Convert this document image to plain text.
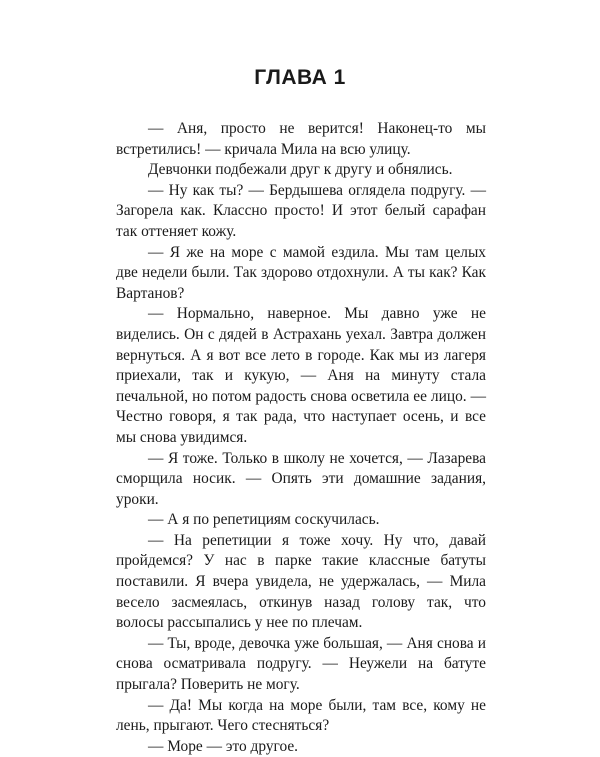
ГЛАВА 1

— Аня, просто не верится! Наконец-то мы встретились! — кричала Мила на всю улицу.

Девчонки подбежали друг к другу и обнялись.

— Ну как ты? — Бердышева оглядела подругу. — Загорела как. Классно просто! И этот белый сарафан так оттеняет кожу.

— Я же на море с мамой ездила. Мы там целых две недели были. Так здорово отдохнули. А ты как? Как Вартанов?

— Нормально, наверное. Мы давно уже не виделись. Он с дядей в Астрахань уехал. Завтра должен вернуться. А я вот все лето в городе. Как мы из лагеря приехали, так и кукую, — Аня на минуту стала печальной, но потом радость снова осветила ее лицо. — Честно говоря, я так рада, что наступает осень, и все мы снова увидимся.

— Я тоже. Только в школу не хочется, — Лазарева сморщила носик. — Опять эти домашние задания, уроки.

— А я по репетициям соскучилась.

— На репетиции я тоже хочу. Ну что, давай пройдемся? У нас в парке такие классные батуты поставили. Я вчера увидела, не удержалась, — Мила весело засмеялась, откинув назад голову так, что волосы рассыпались у нее по плечам.

— Ты, вроде, девочка уже большая, — Аня снова и снова осматривала подругу. — Неужели на батуте прыгала? Поверить не могу.

— Да! Мы когда на море были, там все, кому не лень, прыгают. Чего стесняться?

— Море — это другое.
